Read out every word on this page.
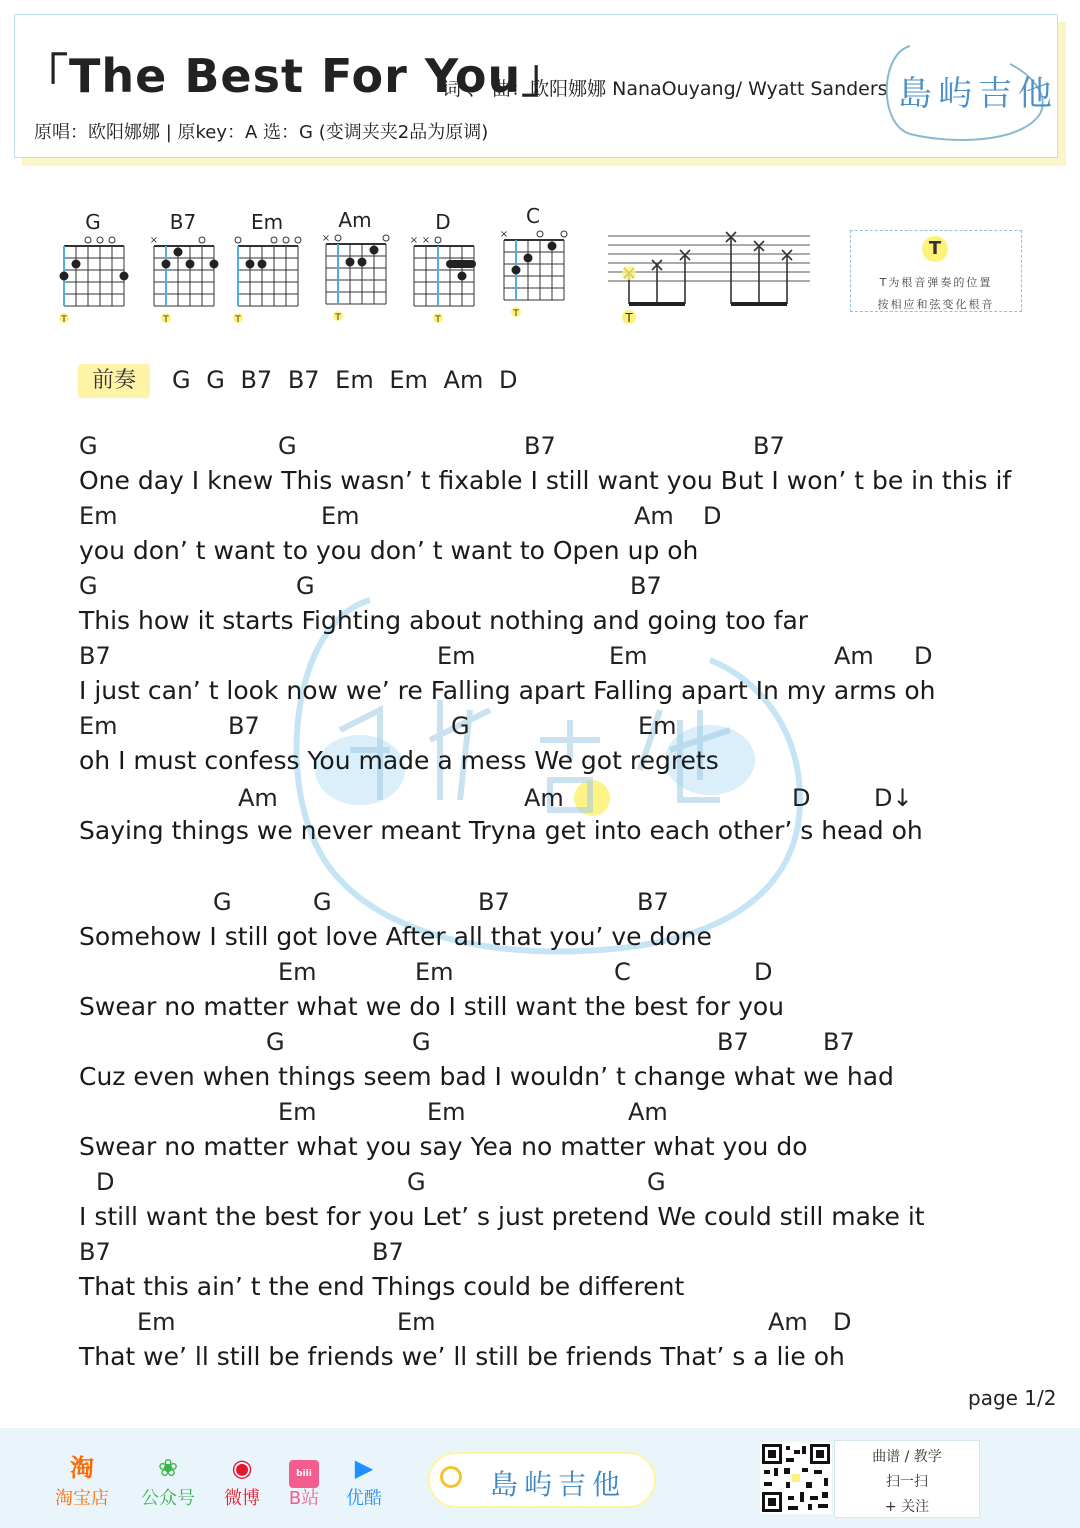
「The Best For You」
词 、 曲：欧阳娜娜 NanaOuyang/ Wyatt Sanders
原唱：欧阳娜娜 | 原key：A 选：G (变调夹夹2品为原调)
島屿吉他
G
T
B7
×
T
Em
T
Am
×
T
D
× ×
T
C
×
T	T
T
T为根音弹奏的位置
按相应和弦变化根音
前奏	G G B7 B7 Em Em Am D
G	G	B7	B7
One day I knew This wasn’ t fixable I still want you But I won’ t be in this if
Em	Em	Am D
you don’ t want to you don’ t want to Open up oh
G	G	B7
This how it starts Fighting about nothing and going too far
B7	Em	Em	Am D
I just can’ t look now we’ re Falling apart Falling apart In my arms oh
Em	B7	G	Em
oh I must confess You made a mess We got regrets
Am	Am	D	D↓
Saying things we never meant Tryna get into each other’ s head oh
G	G	B7	B7
Somehow I still got love After all that you’ ve done
Em	Em	C	D
Swear no matter what we do I still want the best for you
G	G	B7	B7
Cuz even when things seem bad I wouldn’ t change what we had
Em	Em	Am
Swear no matter what you say Yea no matter what you do
D	G	G
I still want the best for you Let’ s just pretend We could still make it
B7	B7
That this ain’ t the end Things could be different
Em	Em	Am D
That we’ ll still be friends we’ ll still be friends That’ s a lie oh
page 1/2
淘
淘宝店
❀
公众号
◉
微博
bili
B站
▶
优酷	島屿吉他
曲谱 / 教学
扫一扫
+ 关注
